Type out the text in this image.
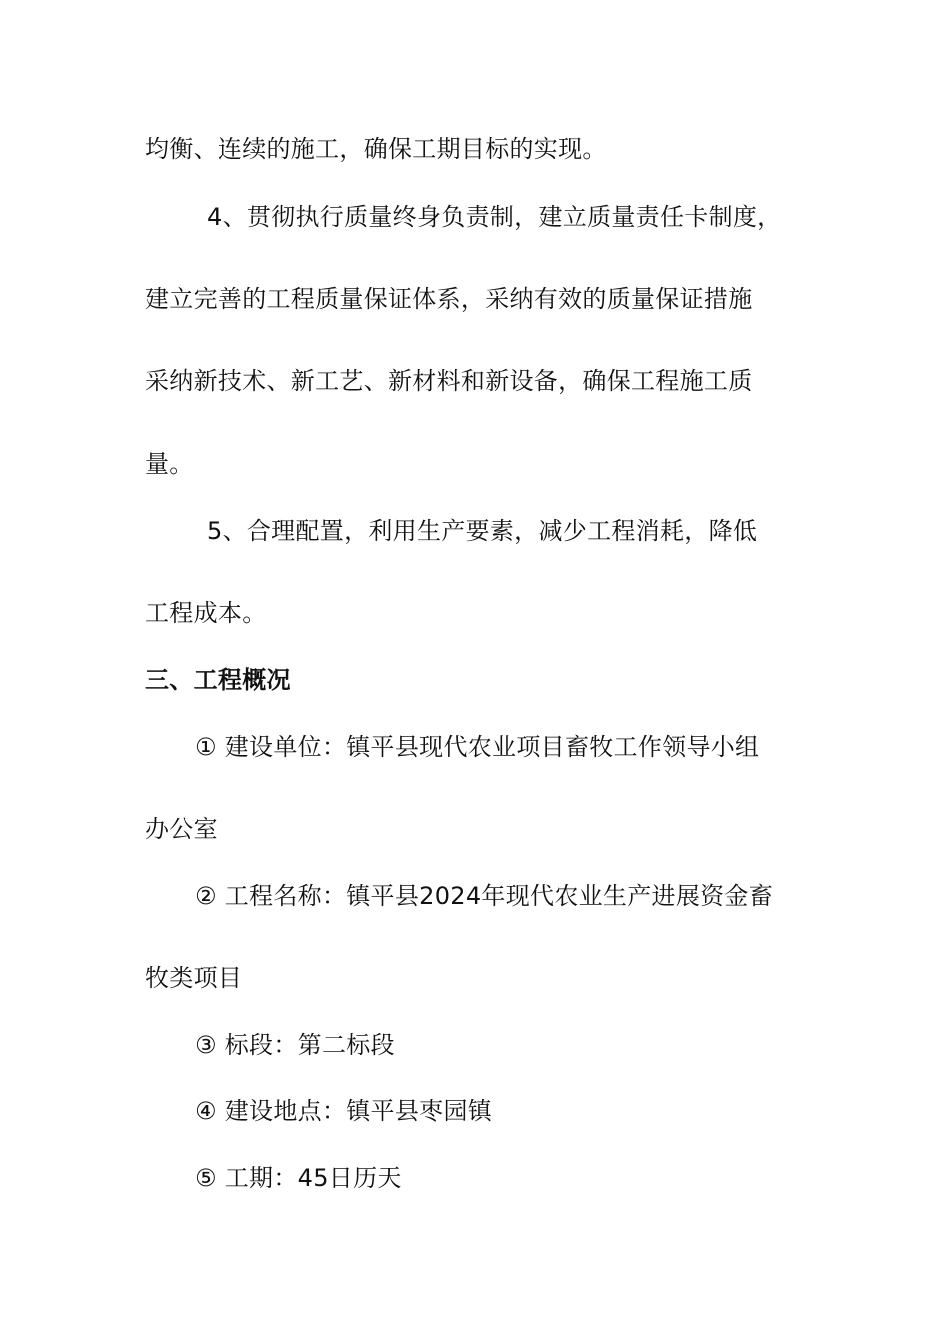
均衡、连续的施工，确保工期目标的实现。
4、贯彻执行质量终身负责制，建立质量责任卡制度，
建立完善的工程质量保证体系，采纳有效的质量保证措施
采纳新技术、新工艺、新材料和新设备，确保工程施工质
量。
5、合理配置，利用生产要素，减少工程消耗，降低
工程成本。
三、工程概况
① 建设单位：镇平县现代农业项目畜牧工作领导小组
办公室
② 工程名称：镇平县2024年现代农业生产进展资金畜
牧类项目
③ 标段：第二标段
④ 建设地点：镇平县枣园镇
⑤ 工期：45日历天
